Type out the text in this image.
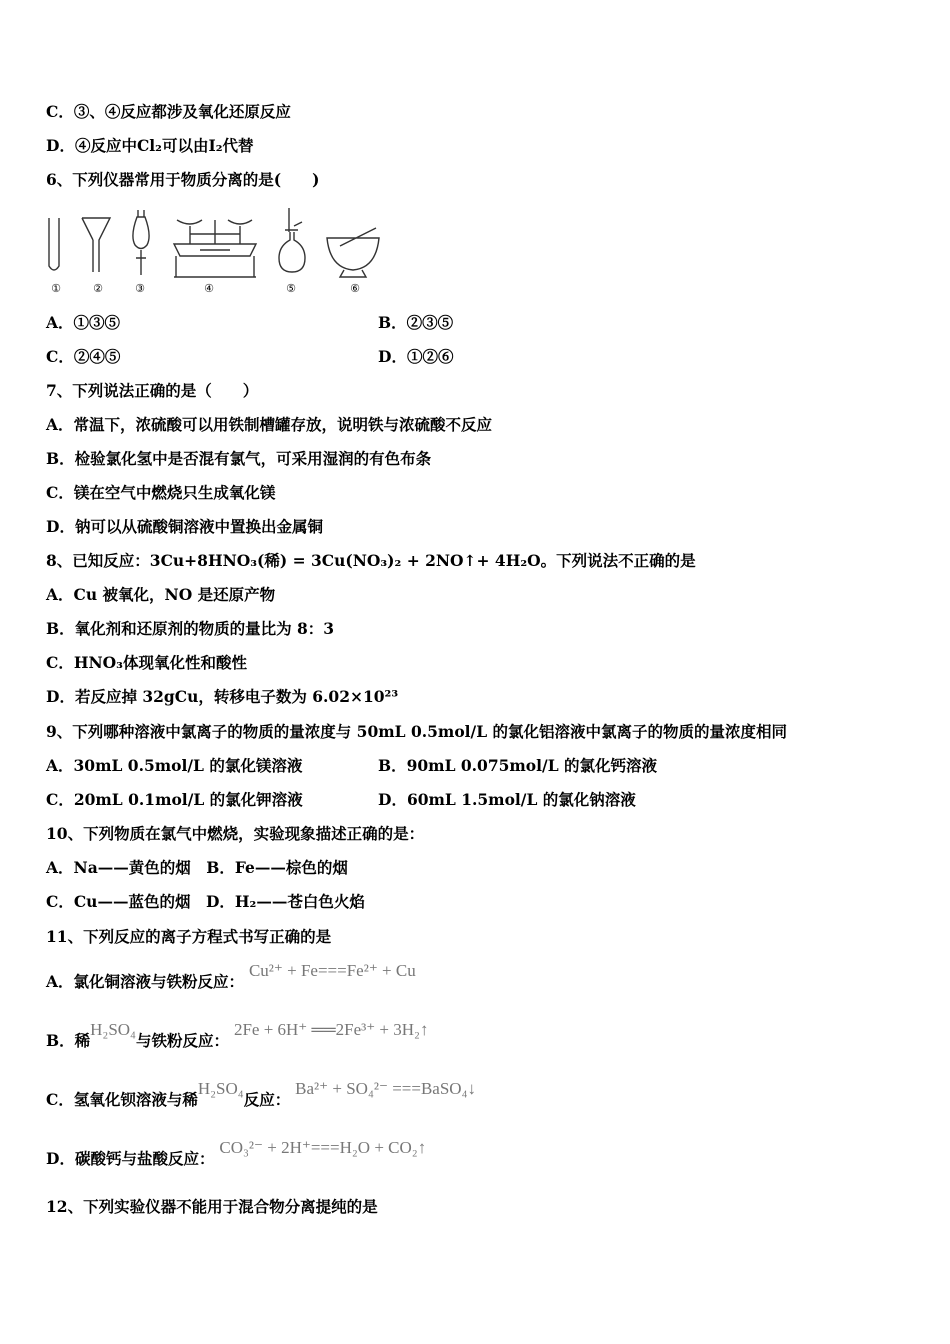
C．③、④反应都涉及氧化还原反应
D．④反应中Cl₂可以由I₂代替
6、下列仪器常用于物质分离的是(　　)
①	②	③	④	⑤	⑥
A．①③⑤	B．②③⑤
C．②④⑤	D．①②⑥
7、下列说法正确的是（　　）
A．常温下，浓硫酸可以用铁制槽罐存放，说明铁与浓硫酸不反应
B．检验氯化氢中是否混有氯气，可采用湿润的有色布条
C．镁在空气中燃烧只生成氧化镁
D．钠可以从硫酸铜溶液中置换出金属铜
8、已知反应：3Cu+8HNO₃(稀) = 3Cu(NO₃)₂ + 2NO↑+ 4H₂O。下列说法不正确的是
A．Cu 被氧化，NO 是还原产物
B．氧化剂和还原剂的物质的量比为 8：3
C．HNO₃体现氧化性和酸性
D．若反应掉 32gCu，转移电子数为 6.02×10²³
9、下列哪种溶液中氯离子的物质的量浓度与 50mL 0.5mol/L 的氯化铝溶液中氯离子的物质的量浓度相同
A．30mL 0.5mol/L 的氯化镁溶液	B．90mL 0.075mol/L 的氯化钙溶液
C．20mL 0.1mol/L 的氯化钾溶液	D．60mL 1.5mol/L 的氯化钠溶液
10、下列物质在氯气中燃烧，实验现象描述正确的是：
A．Na——黄色的烟　B．Fe——棕色的烟
C．Cu——蓝色的烟　D．H₂——苍白色火焰
11、下列反应的离子方程式书写正确的是
A．氯化铜溶液与铁粉反应： Cu²⁺ + Fe===Fe²⁺ + Cu
B．稀H₂SO₄与铁粉反应： 2Fe + 6H⁺ ══2Fe³⁺ + 3H₂↑
C．氢氧化钡溶液与稀H₂SO₄反应： Ba²⁺ + SO₄²⁻ ===BaSO₄↓
D．碳酸钙与盐酸反应： CO₃²⁻ + 2H⁺===H₂O + CO₂↑
12、下列实验仪器不能用于混合物分离提纯的是
